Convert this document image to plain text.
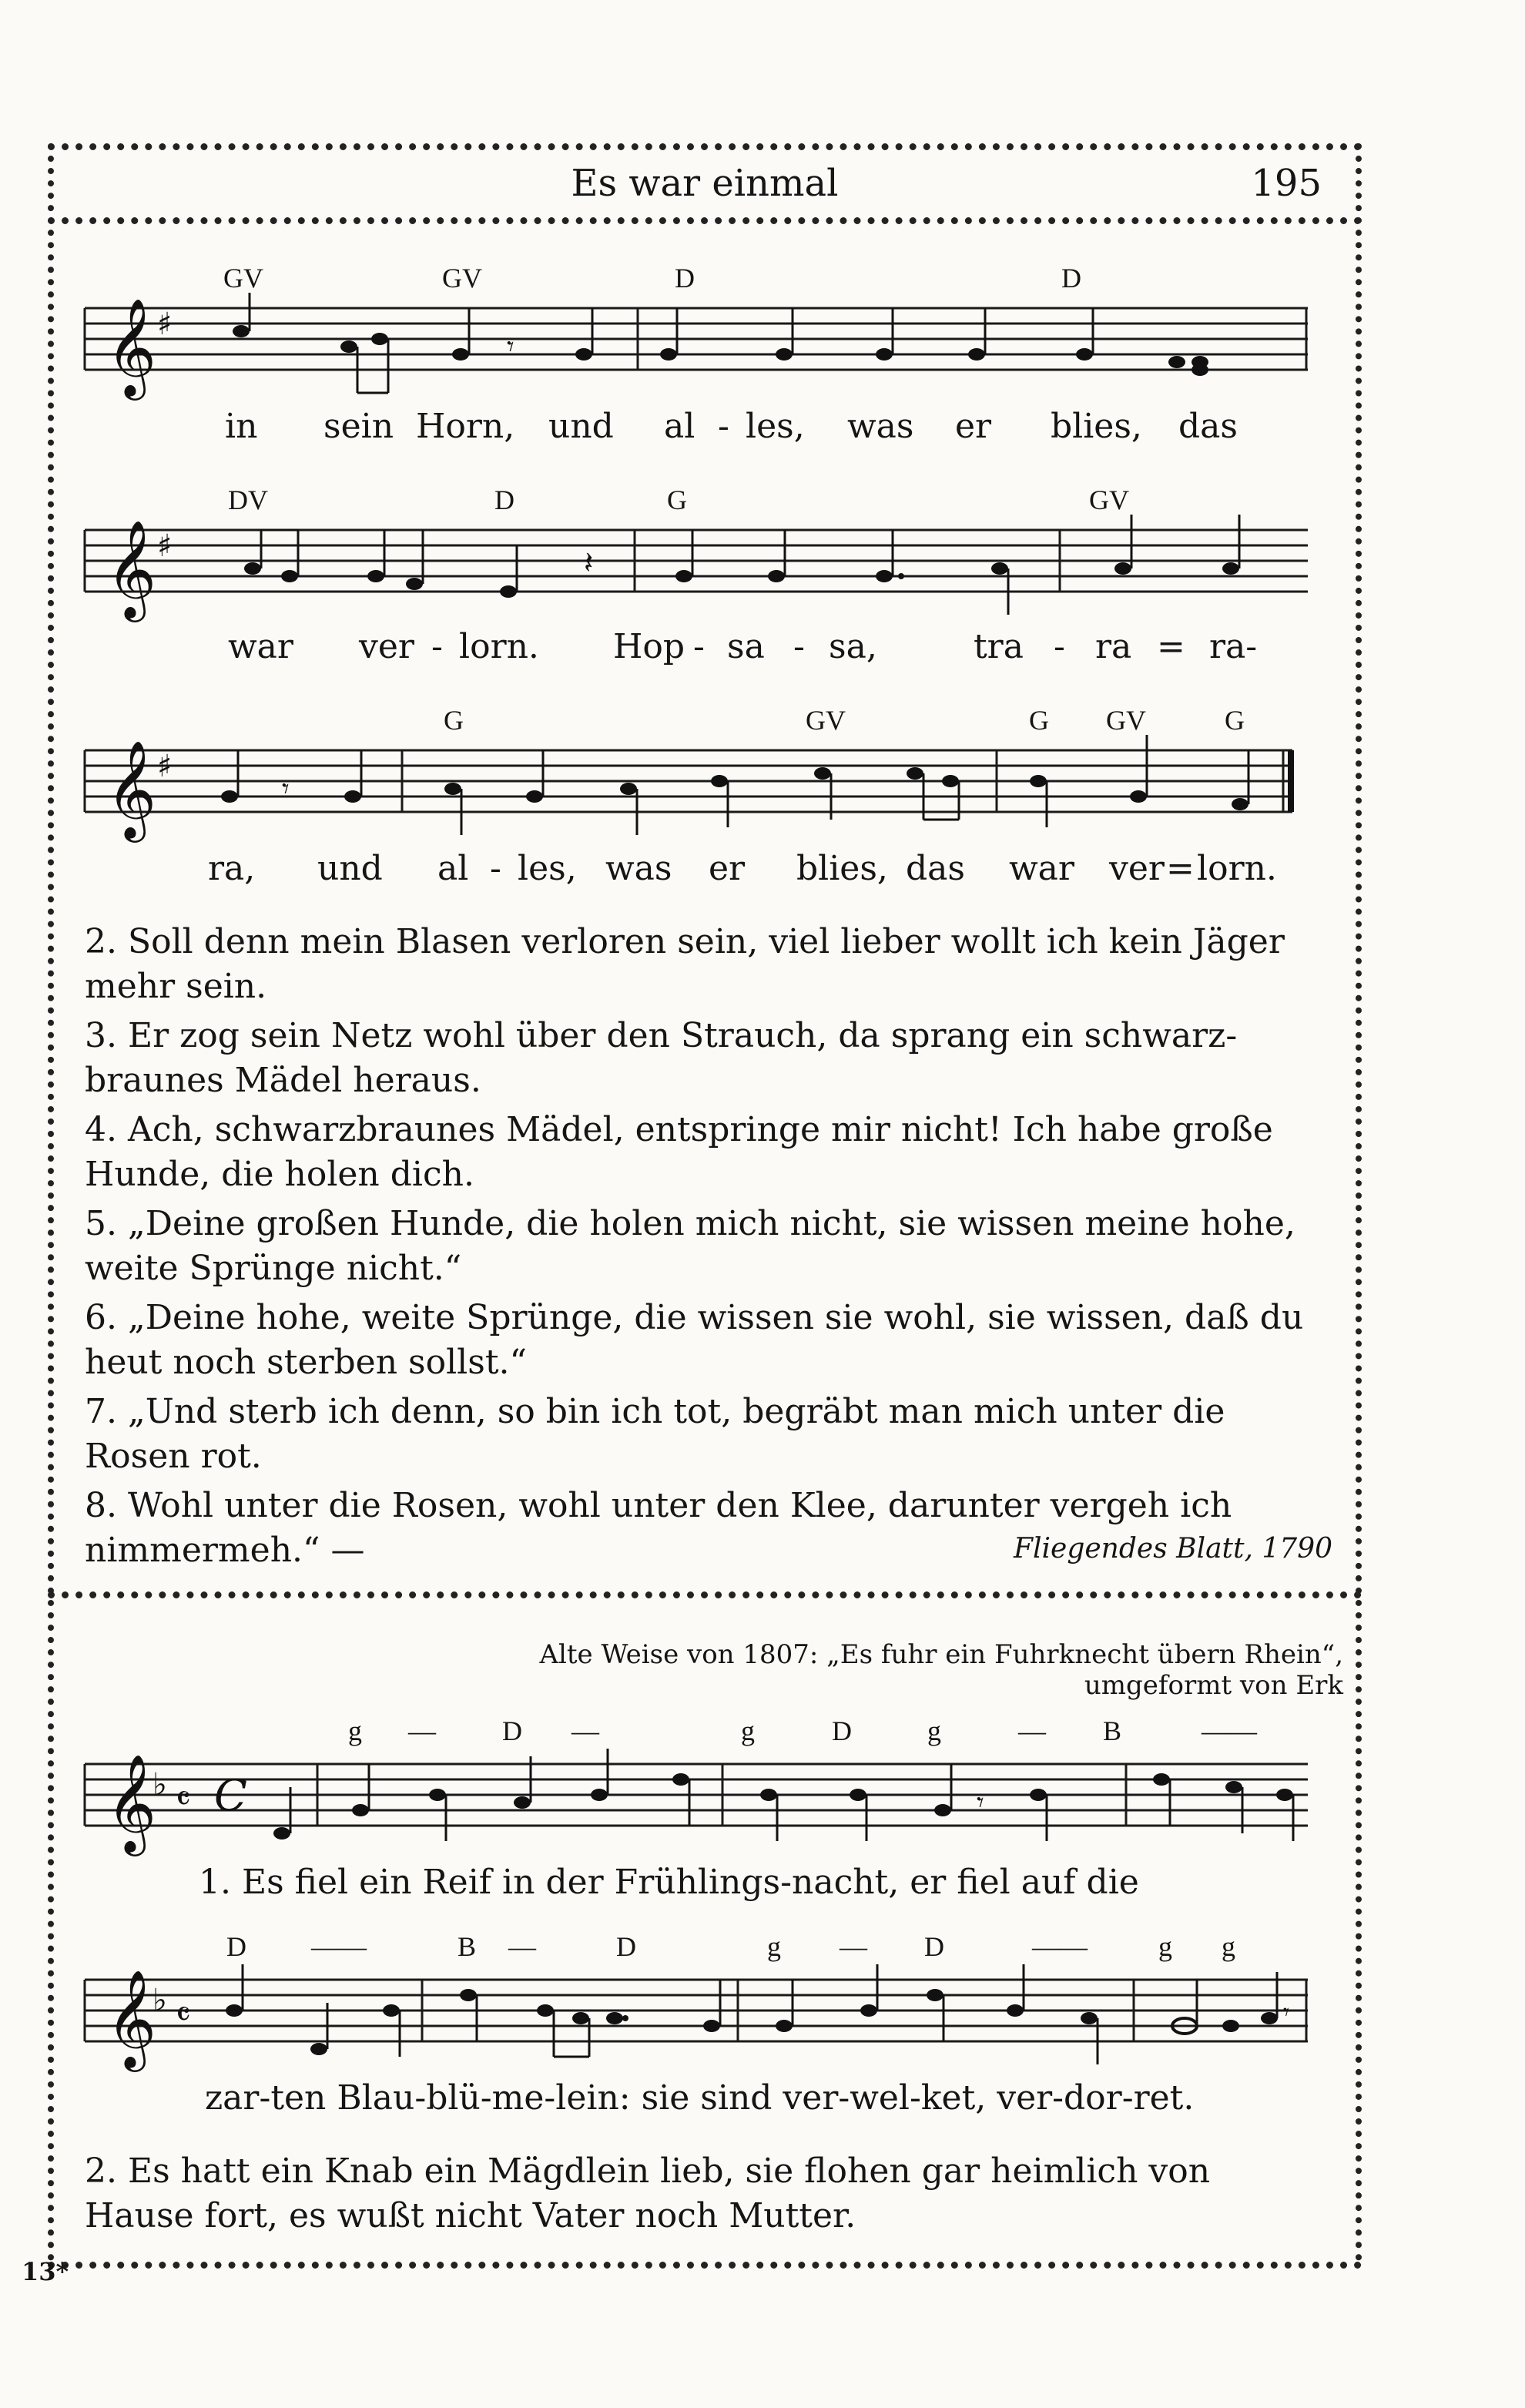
Es war einmal	195
GV	GV	D	D
𝄞 ♯
𝄾
in sein Horn, und al - les, was er blies, das
DV	D	G	GV
𝄞 ♯	𝄽
war ver - lorn. Hop - sa - sa,	tra - ra = ra-
G	GV	G GV	G
𝄞 ♯
𝄾
ra, und al - les, was er blies, das war ver = lorn.
2. Soll denn mein Blasen verloren sein, viel lieber wollt ich kein Jäger mehr sein.
3. Er zog sein Netz wohl über den Strauch, da sprang ein schwarz- braunes Mädel heraus.
4. Ach, schwarzbraunes Mädel, entspringe mir nicht! Ich habe große Hunde, die holen dich.
5. „Deine großen Hunde, die holen mich nicht, sie wissen meine hohe, weite Sprünge nicht.“
6. „Deine hohe, weite Sprünge, die wissen sie wohl, sie wissen, daß du heut noch sterben sollst.“
7. „Und sterb ich denn, so bin ich tot, begräbt man mich unter die Rosen rot.
8. Wohl unter die Rosen, wohl unter den Klee, darunter vergeh ich nimmermeh.“ —	Fliegendes Blatt, 1790
Alte Weise von 1807: „Es fuhr ein Fuhrknecht übern Rhein“,
umgeformt von Erk
g — D —	g	D	g	— B	——
𝄞
♭ 𝄴 C	𝄾
1. Es fiel ein Reif in der Frühlings-nacht, er fiel auf die
D ——	B —	D	g — D	——	g g
𝄞
♭ 𝄴	𝄾
zar-ten Blau-blü-me-lein: sie sind ver-wel-ket, ver-dor-ret.
2. Es hatt ein Knab ein Mägdlein lieb, sie flohen gar heimlich von Hause fort, es wußt nicht Vater noch Mutter.
13*
